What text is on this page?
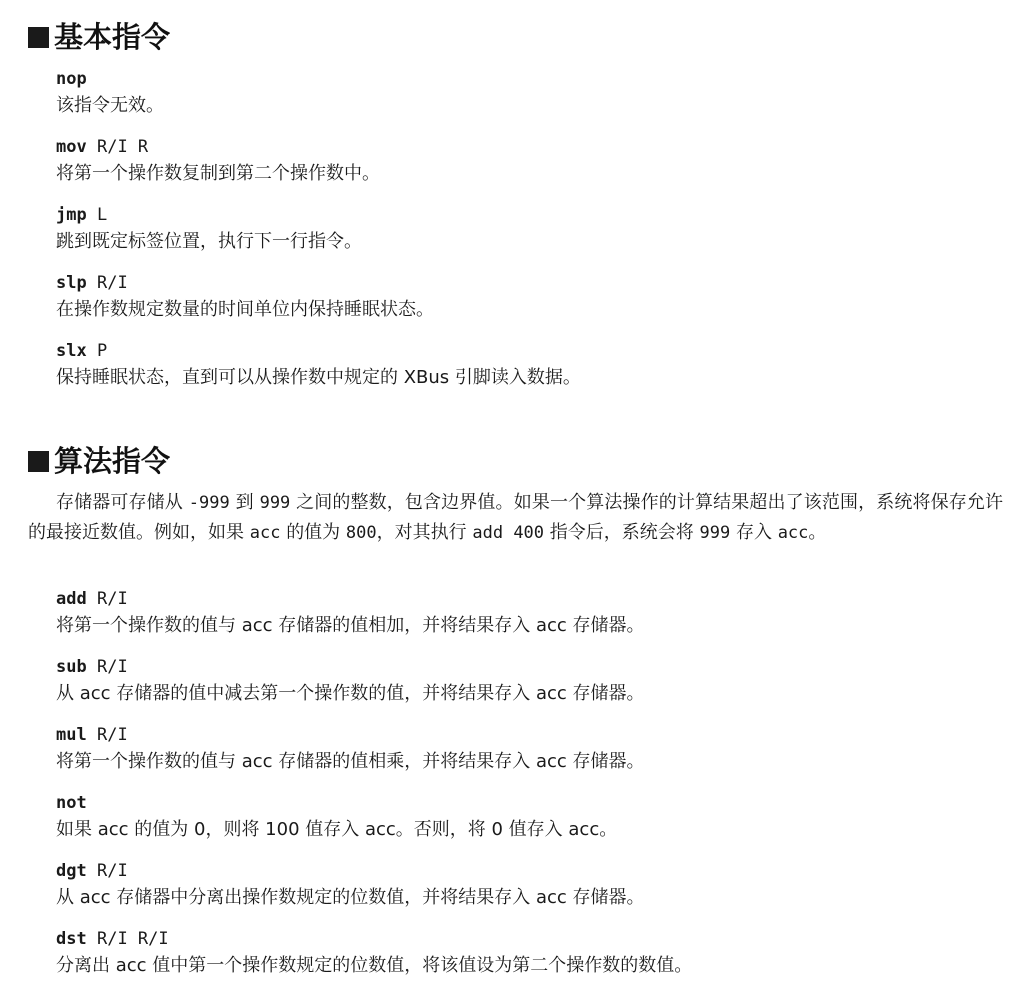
基本指令
nop
该指令无效。
mov R/I R
将第一个操作数复制到第二个操作数中。
jmp L
跳到既定标签位置，执行下一行指令。
slp R/I
在操作数规定数量的时间单位内保持睡眠状态。
slx P
保持睡眠状态，直到可以从操作数中规定的 XBus 引脚读入数据。
算法指令
存储器可存储从 -999 到 999 之间的整数，包含边界值。如果一个算法操作的计算结果超出了该范围，系统将保存允许的最接近数值。例如，如果 acc 的值为 800，对其执行 add 400 指令后，系统会将 999 存入 acc。
add R/I
将第一个操作数的值与 acc 存储器的值相加，并将结果存入 acc 存储器。
sub R/I
从 acc 存储器的值中减去第一个操作数的值，并将结果存入 acc 存储器。
mul R/I
将第一个操作数的值与 acc 存储器的值相乘，并将结果存入 acc 存储器。
not
如果 acc 的值为 0，则将 100 值存入 acc。否则，将 0 值存入 acc。
dgt R/I
从 acc 存储器中分离出操作数规定的位数值，并将结果存入 acc 存储器。
dst R/I R/I
分离出 acc 值中第一个操作数规定的位数值，将该值设为第二个操作数的数值。
